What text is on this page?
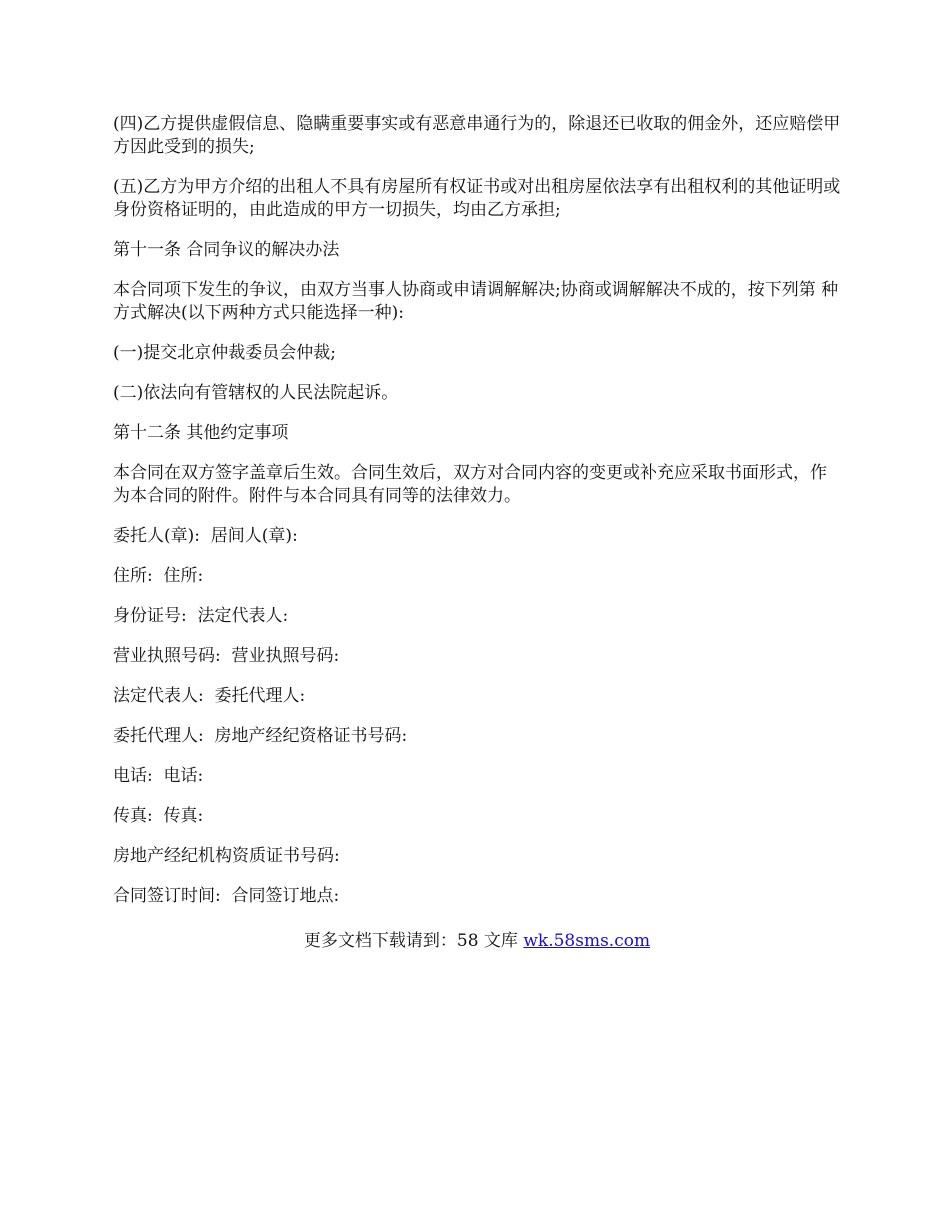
(四)乙方提供虚假信息、隐瞒重要事实或有恶意串通行为的，除退还已收取的佣金外，还应赔偿甲方因此受到的损失;

(五)乙方为甲方介绍的出租人不具有房屋所有权证书或对出租房屋依法享有出租权利的其他证明或身份资格证明的，由此造成的甲方一切损失，均由乙方承担;

第十一条 合同争议的解决办法

本合同项下发生的争议，由双方当事人协商或申请调解解决;协商或调解解决不成的，按下列第 种方式解决(以下两种方式只能选择一种):

(一)提交北京仲裁委员会仲裁;

(二)依法向有管辖权的人民法院起诉。

第十二条 其他约定事项

本合同在双方签字盖章后生效。合同生效后，双方对合同内容的变更或补充应采取书面形式，作为本合同的附件。附件与本合同具有同等的法律效力。

委托人(章):  居间人(章):

住所:  住所:

身份证号:  法定代表人:

营业执照号码:  营业执照号码:

法定代表人:  委托代理人:

委托代理人:  房地产经纪资格证书号码:

电话:  电话:

传真:  传真:

房地产经纪机构资质证书号码:

合同签订时间:  合同签订地点:

更多文档下载请到：58 文库 wk.58sms.com
